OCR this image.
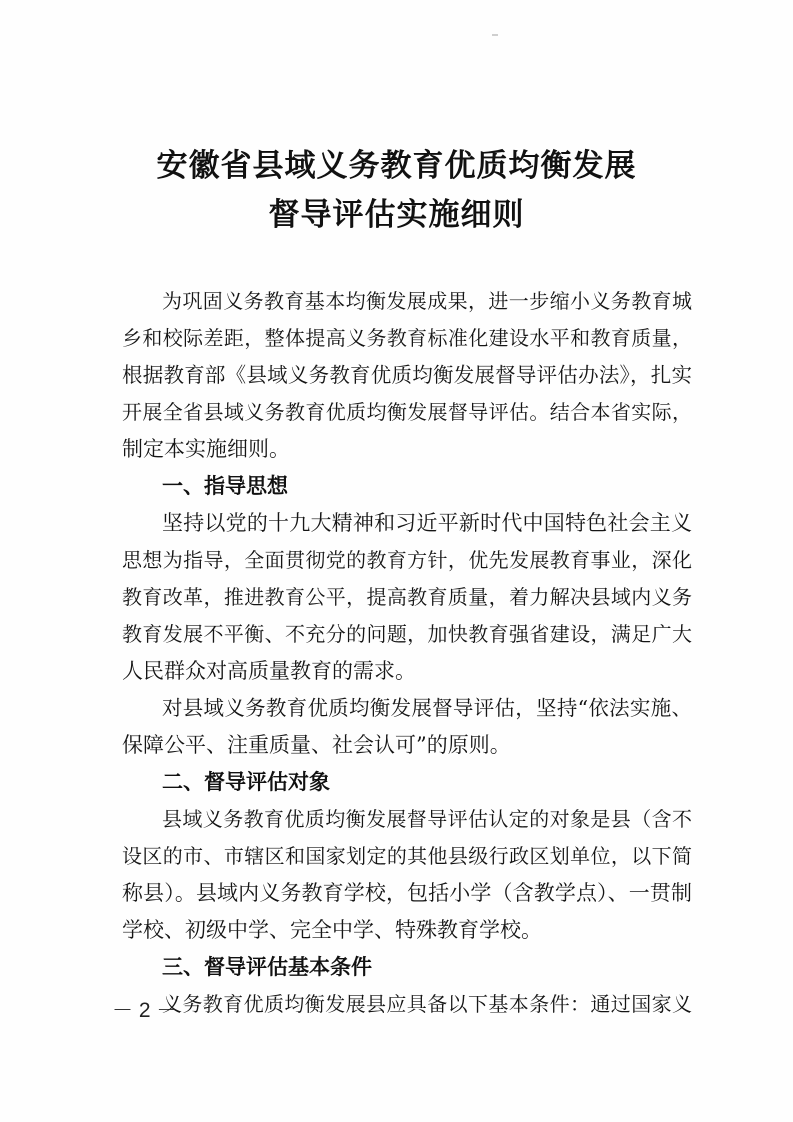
安徽省县域义务教育优质均衡发展
督导评估实施细则
为巩固义务教育基本均衡发展成果，进一步缩小义务教育城
乡和校际差距，整体提高义务教育标准化建设水平和教育质量，
根据教育部《县域义务教育优质均衡发展督导评估办法》，扎实
开展全省县域义务教育优质均衡发展督导评估。结合本省实际，
制定本实施细则。
一、指导思想
坚持以党的十九大精神和习近平新时代中国特色社会主义
思想为指导，全面贯彻党的教育方针，优先发展教育事业，深化
教育改革，推进教育公平，提高教育质量，着力解决县域内义务
教育发展不平衡、不充分的问题，加快教育强省建设，满足广大
人民群众对高质量教育的需求。
对县域义务教育优质均衡发展督导评估，坚持“依法实施、
保障公平、注重质量、社会认可”的原则。
二、督导评估对象
县域义务教育优质均衡发展督导评估认定的对象是县（含不
设区的市、市辖区和国家划定的其他县级行政区划单位，以下简
称县）。县域内义务教育学校，包括小学（含教学点）、一贯制
学校、初级中学、完全中学、特殊教育学校。
三、督导评估基本条件
义务教育优质均衡发展县应具备以下基本条件：通过国家义
－ 2 －
